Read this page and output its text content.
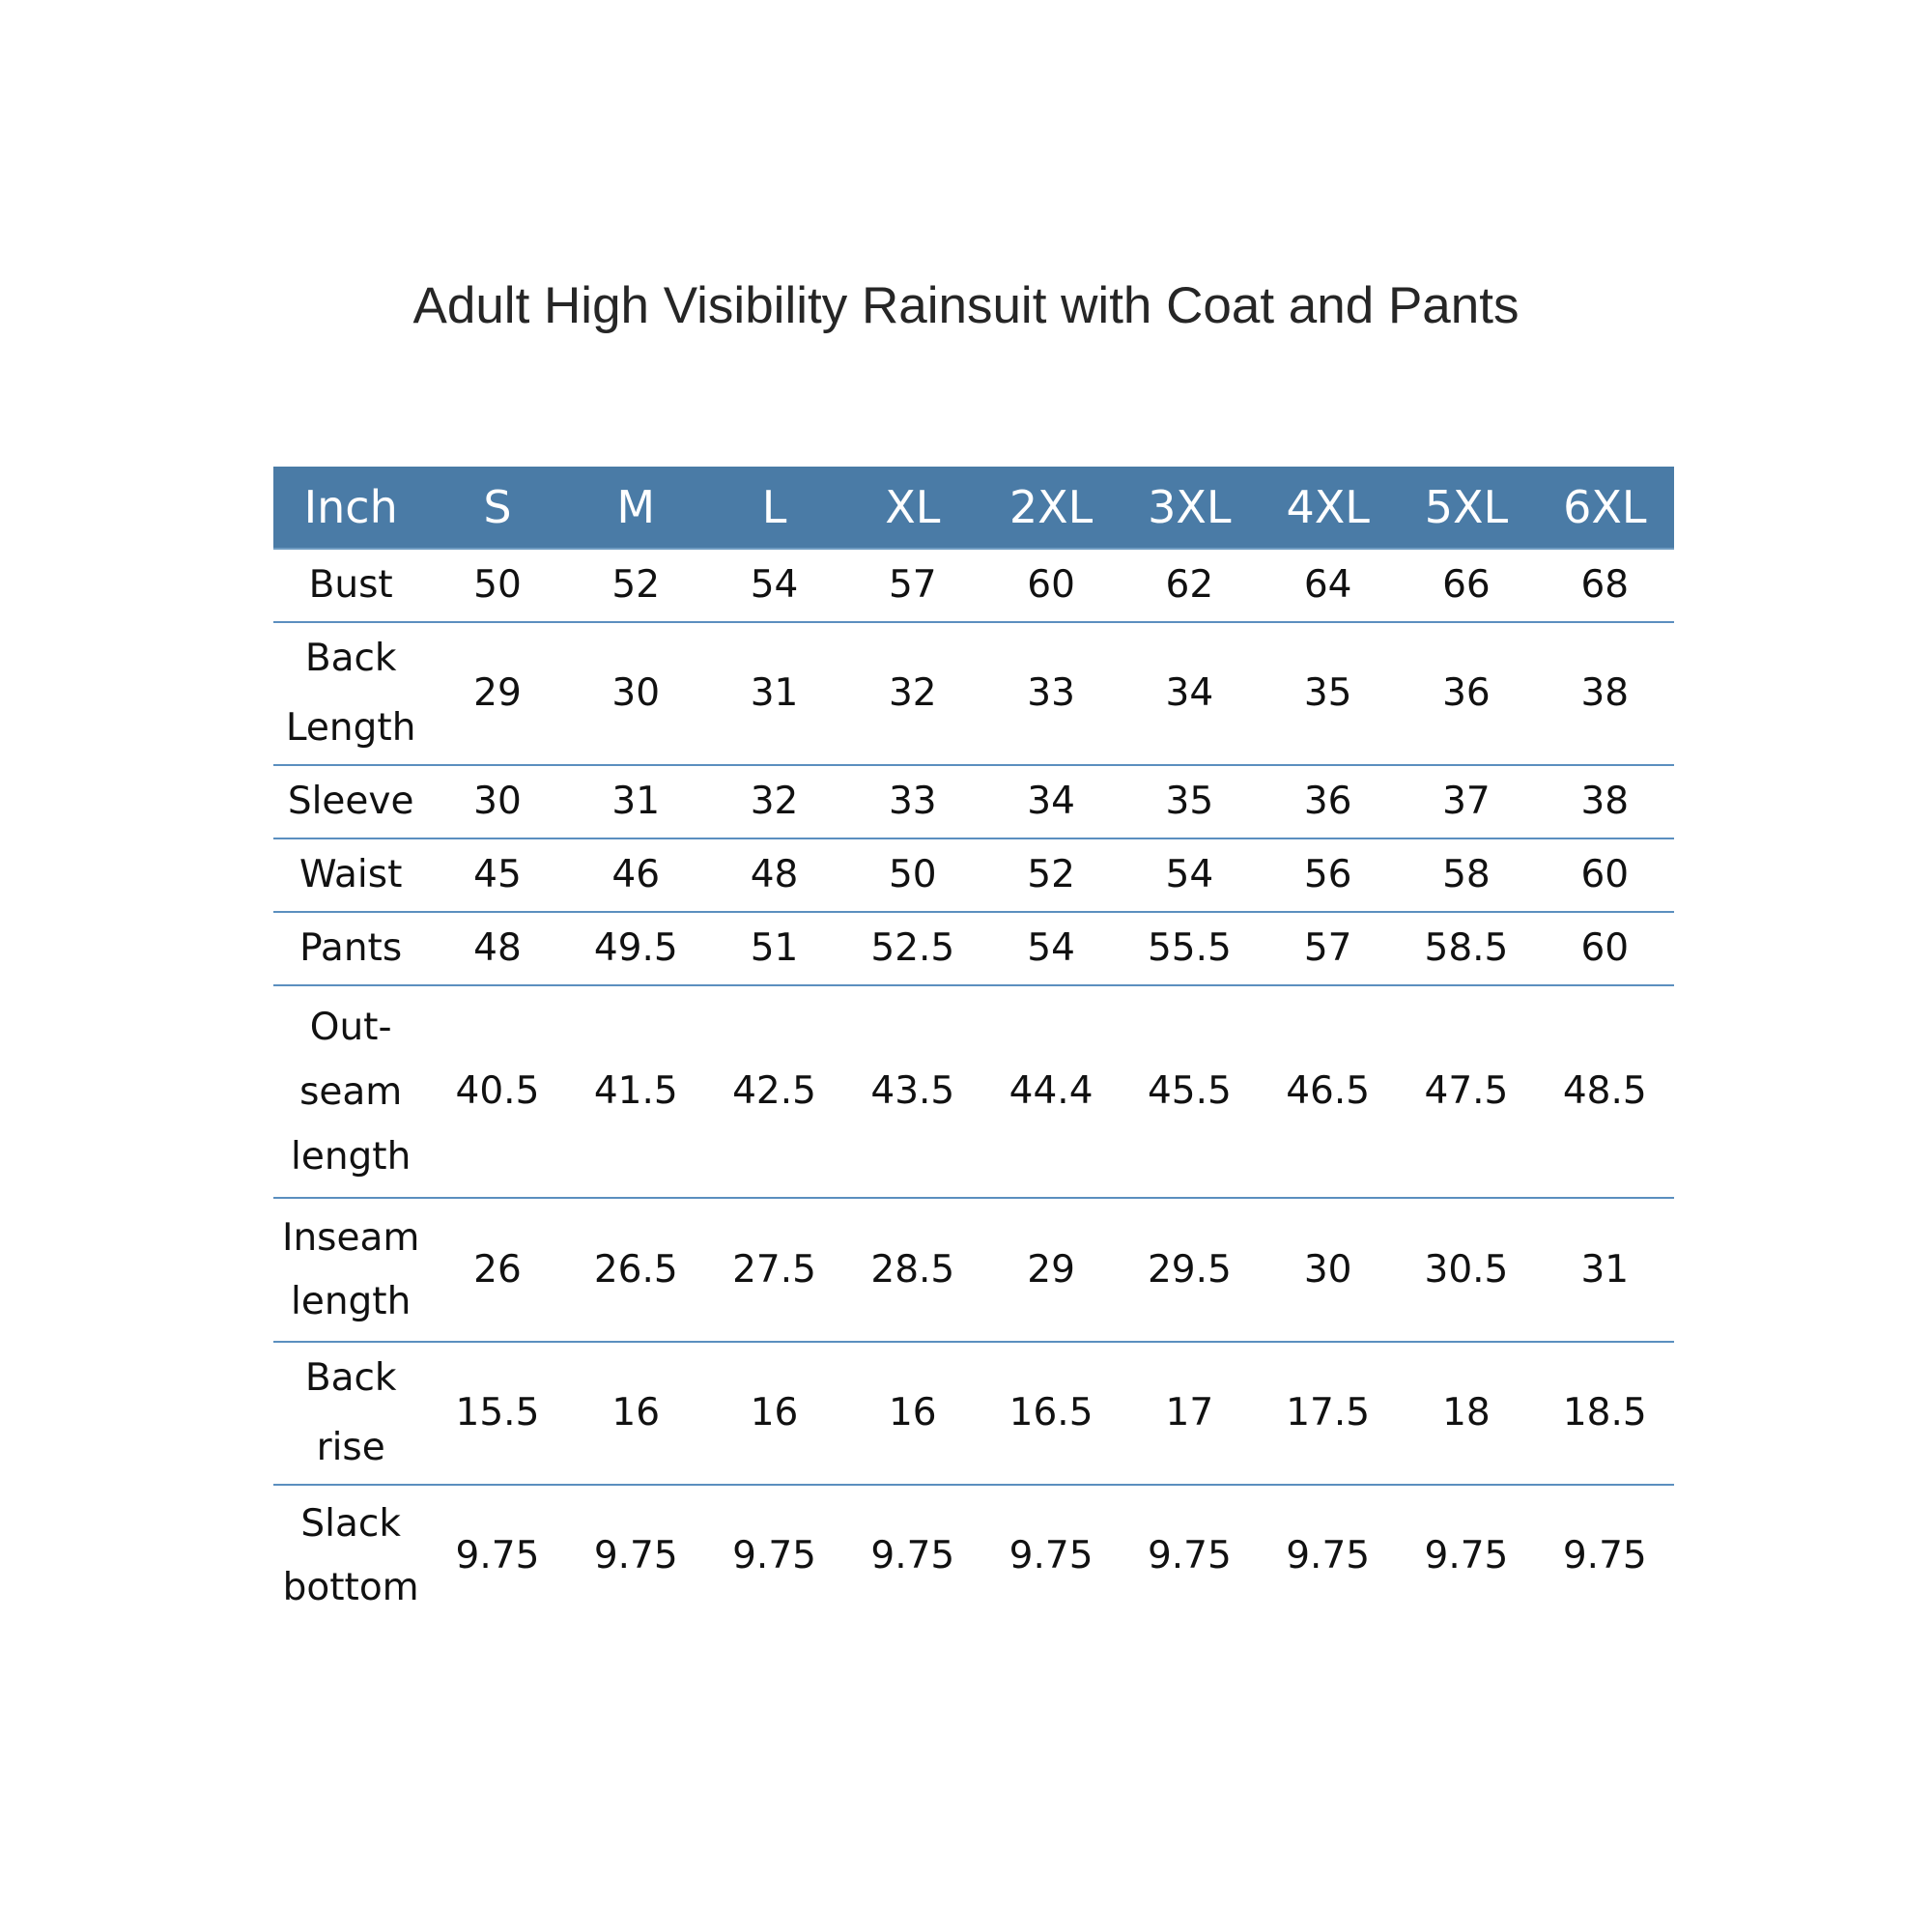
Adult High Visibility Rainsuit with Coat and Pants
Inch	S	M	L	XL	2XL	3XL	4XL	5XL	6XL
Bust	50	52	54	57	60	62	64	66	68
Back Length	29	30	31	32	33	34	35	36	38
Sleeve	30	31	32	33	34	35	36	37	38
Waist	45	46	48	50	52	54	56	58	60
Pants	48	49.5	51	52.5	54	55.5	57	58.5	60
Out-seam length	40.5	41.5	42.5	43.5	44.4	45.5	46.5	47.5	48.5
Inseam length	26	26.5	27.5	28.5	29	29.5	30	30.5	31
Back rise	15.5	16	16	16	16.5	17	17.5	18	18.5
Slack bottom	9.75	9.75	9.75	9.75	9.75	9.75	9.75	9.75	9.75
